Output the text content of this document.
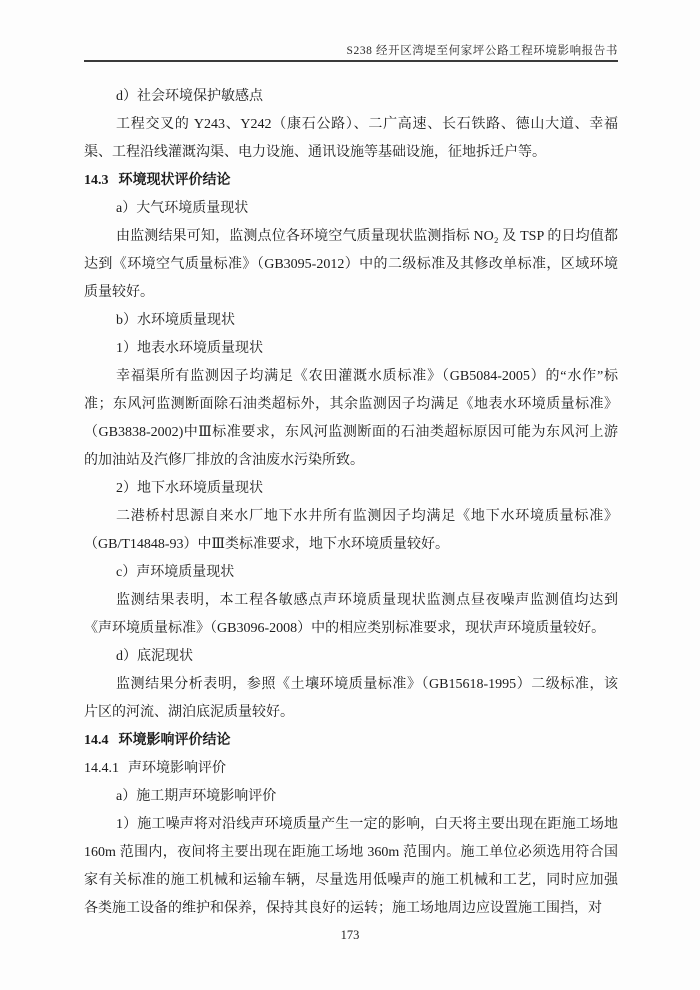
S238 经开区湾堤至何家坪公路工程环境影响报告书
d）社会环境保护敏感点
工程交叉的 Y243、Y242（康石公路）、二广高速、长石铁路、德山大道、幸福
渠、工程沿线灌溉沟渠、电力设施、通讯设施等基础设施，征地拆迁户等。
14.3 环境现状评价结论
a）大气环境质量现状
由监测结果可知，监测点位各环境空气质量现状监测指标 NO₂ 及 TSP 的日均值都
达到《环境空气质量标准》（GB3095-2012）中的二级标准及其修改单标准，区域环境
质量较好。
b）水环境质量现状
1）地表水环境质量现状
幸福渠所有监测因子均满足《农田灌溉水质标准》（GB5084-2005）的“水作”标
准；东风河监测断面除石油类超标外，其余监测因子均满足《地表水环境质量标准》
（GB3838-2002)中Ⅲ标准要求，东风河监测断面的石油类超标原因可能为东风河上游
的加油站及汽修厂排放的含油废水污染所致。
2）地下水环境质量现状
二港桥村思源自来水厂地下水井所有监测因子均满足《地下水环境质量标准》
（GB/T14848-93）中Ⅲ类标准要求，地下水环境质量较好。
c）声环境质量现状
监测结果表明，本工程各敏感点声环境质量现状监测点昼夜噪声监测值均达到
《声环境质量标准》（GB3096-2008）中的相应类别标准要求，现状声环境质量较好。
d）底泥现状
监测结果分析表明，参照《土壤环境质量标准》（GB15618-1995）二级标准，该
片区的河流、湖泊底泥质量较好。
14.4 环境影响评价结论
14.4.1 声环境影响评价
a）施工期声环境影响评价
1）施工噪声将对沿线声环境质量产生一定的影响，白天将主要出现在距施工场地
160m 范围内，夜间将主要出现在距施工场地 360m 范围内。施工单位必须选用符合国
家有关标准的施工机械和运输车辆，尽量选用低噪声的施工机械和工艺，同时应加强
各类施工设备的维护和保养，保持其良好的运转；施工场地周边应设置施工围挡，对
173
